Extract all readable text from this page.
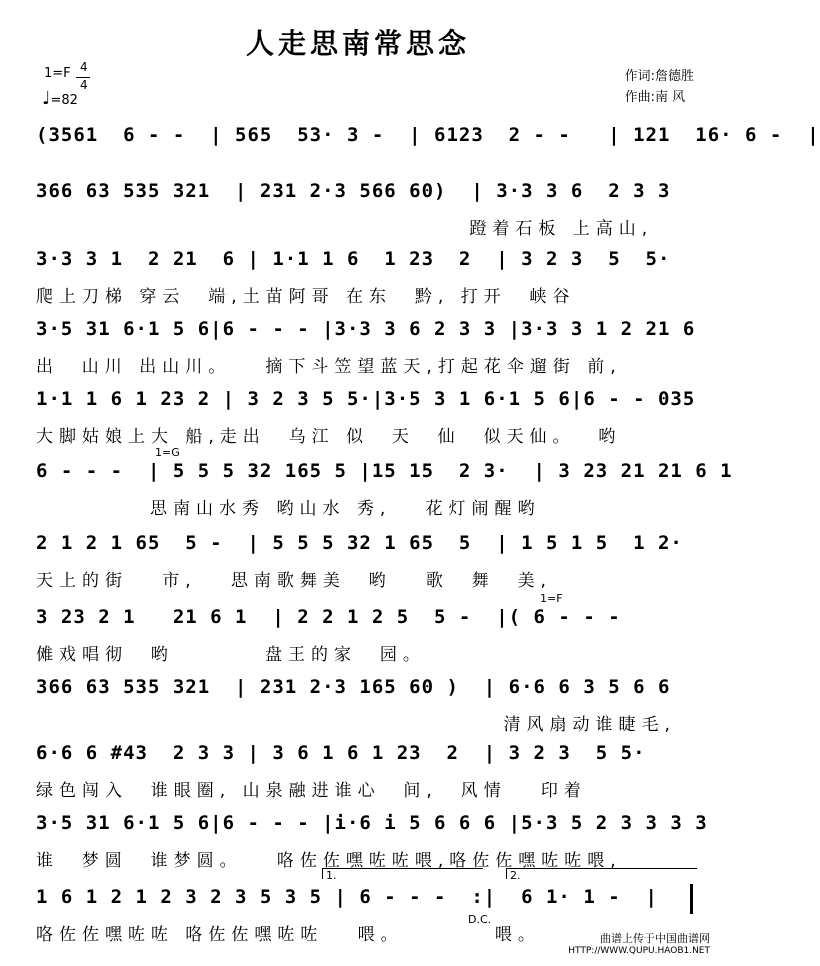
人走思南常思念
1=F 4
4
♩=82
作词:詹德胜
作曲:南 风
(3561  6 - -  | 565  53· 3 -  | 6123  2 - -   | 121  16· 6 -  |
366 63 535 321  | 231 2·3 566 60)  | 3·3 3 6  2 3 3
蹬着石板 上高山,
3·3 3 1  2 21  6 | 1·1 1 6  1 23  2  | 3 2 3  5  5·
爬上刀梯 穿云  端,土苗阿哥 在东  黔, 打开  峡谷
3·5 31 6·1 5 6|6 - - - |3·3 3 6 2 3 3 |3·3 3 1 2 21 6
出  山川 出山川。   摘下斗笠望蓝天,打起花伞遛街 前,
1·1 1 6 1 23 2 | 3 2 3 5 5·|3·5 3 1 6·1 5 6|6 - - 035
大脚姑娘上大 船,走出  乌江 似  天  仙  似天仙。  哟
1=G
6 - - -  | 5 5 5 32 165 5 |15 15  2 3·  | 3 23 21 21 6 1
思南山水秀 哟山水 秀,   花灯闹醒哟
2 1 2 1 65  5 -  | 5 5 5 32 1 65  5  | 1 5 1 5  1 2·
天上的街   市,   思南歌舞美  哟   歌  舞  美,
1=F
3 23 2 1   21 6 1  | 2 2 1 2 5  5 -  |( 6 - - -
傩戏唱彻  哟        盘王的家  园。
366 63 535 321  | 231 2·3 165 60 )  | 6·6 6 3 5 6 6
清风扇动谁睫毛,
6·6 6 #43  2 3 3 | 3 6 1 6 1 23  2  | 3 2 3  5 5·
绿色闯入  谁眼圈, 山泉融进谁心  间,  风情   印着
3·5 31 6·1 5 6|6 - - - |i·6 i 5 6 6 6 |5·3 5 2 3 3 3 3
谁  梦圆  谁梦圆。   咯佐佐嘿咗咗喂,咯佐佐嘿咗咗喂,
1.	2.
1 6 1 2 1 2 3 2 3 5 3 5 | 6 - - -  :|  6 1· 1 -  |
咯佐佐嘿咗咗 咯佐佐嘿咗咗   喂。        喂。
D.C.
曲谱上传于中国曲谱网
HTTP://WWW.QUPU.HAOB1.NET
